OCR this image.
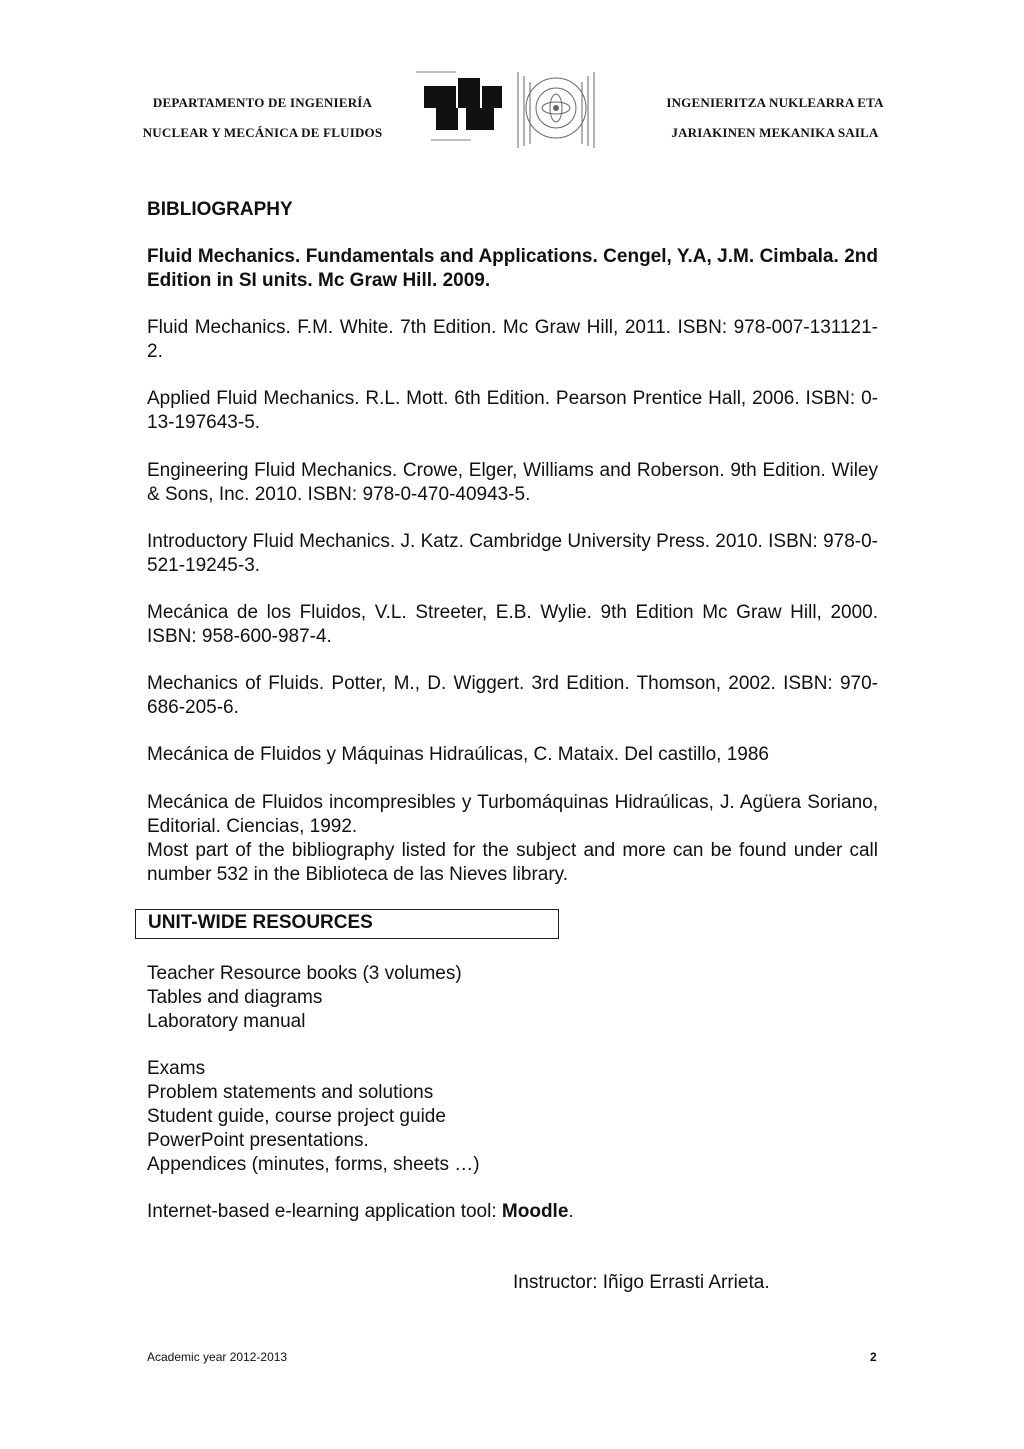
DEPARTAMENTO DE INGENIERÍA
NUCLEAR Y MECÁNICA DE FLUIDOS
INGENIERITZA NUKLEARRA ETA
JARIAKINEN MEKANIKA SAILA
BIBLIOGRAPHY

Fluid Mechanics. Fundamentals and Applications. Cengel, Y.A, J.M. Cimbala. 2nd Edition in SI units. Mc Graw Hill. 2009.

Fluid Mechanics. F.M. White. 7th Edition. Mc Graw Hill, 2011. ISBN: 978-007-131121-2.

Applied Fluid Mechanics. R.L. Mott. 6th Edition. Pearson Prentice Hall, 2006. ISBN: 0-13-197643-5.

Engineering Fluid Mechanics. Crowe, Elger, Williams and Roberson. 9th Edition. Wiley & Sons, Inc. 2010. ISBN: 978-0-470-40943-5.

Introductory Fluid Mechanics. J. Katz. Cambridge University Press. 2010. ISBN: 978-0-521-19245-3.

Mecánica de los Fluidos, V.L. Streeter, E.B. Wylie. 9th Edition Mc Graw Hill, 2000. ISBN: 958-600-987-4.

Mechanics of Fluids. Potter, M., D. Wiggert. 3rd Edition. Thomson, 2002. ISBN: 970-686-205-6.

Mecánica de Fluidos y Máquinas Hidraúlicas, C. Mataix. Del castillo, 1986

Mecánica de Fluidos incompresibles y Turbomáquinas Hidraúlicas, J. Agüera Soriano, Editorial. Ciencias, 1992.

Most part of the bibliography listed for the subject and more can be found under call number 532 in the Biblioteca de las Nieves library.

UNIT-WIDE RESOURCES
Teacher Resource books (3 volumes)
Tables and diagrams
Laboratory manual
Exams
Problem statements and solutions
Student guide, course project guide
PowerPoint presentations.
Appendices (minutes, forms, sheets …)
Internet-based e-learning application tool: Moodle.
Instructor: Iñigo Errasti Arrieta.
Academic year 2012-2013	2
